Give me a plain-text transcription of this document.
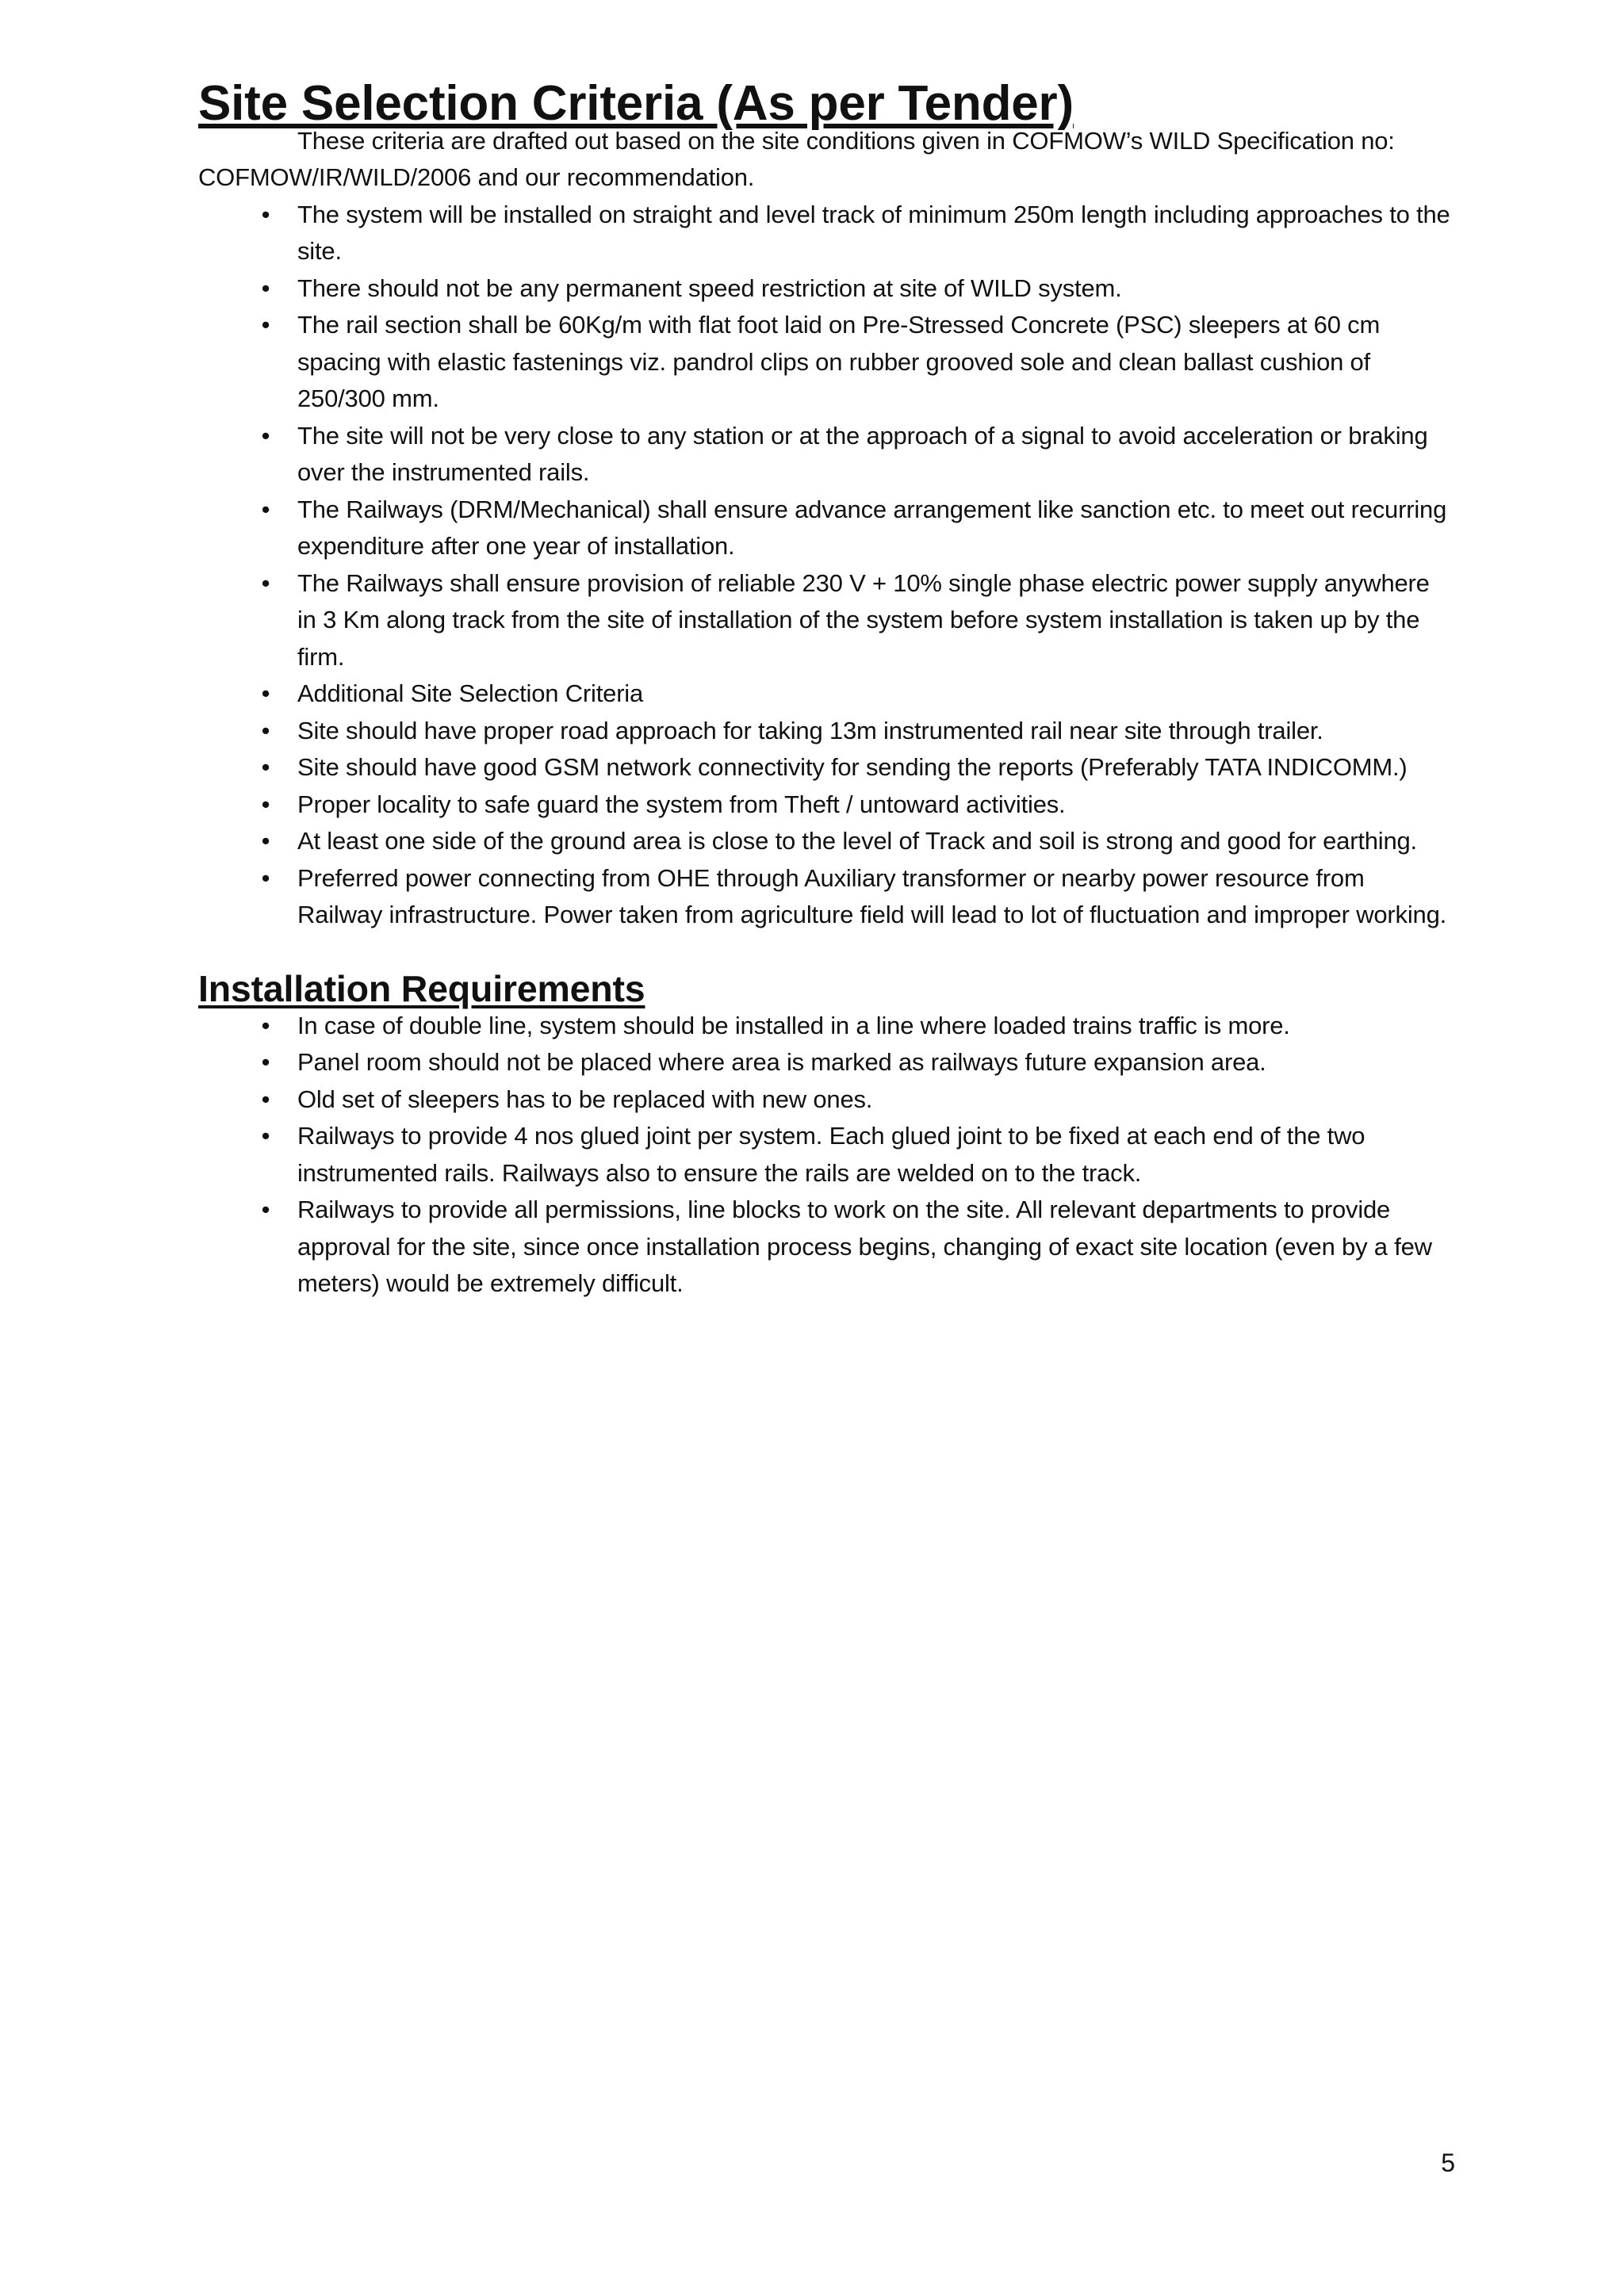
Site Selection Criteria (As per Tender)

These criteria are drafted out based on the site conditions given in COFMOW’s WILD Specification no: COFMOW/IR/WILD/2006 and our recommendation.

•	The system will be installed on straight and level track of minimum 250m length including approaches to the site.
•	There should not be any permanent speed restriction at site of WILD system.
•	The rail section shall be 60Kg/m with flat foot laid on Pre-Stressed Concrete (PSC) sleepers at 60 cm spacing with elastic fastenings viz. pandrol clips on rubber grooved sole and clean ballast cushion of 250/300 mm.
•	The site will not be very close to any station or at the approach of a signal to avoid acceleration or braking over the instrumented rails.
•	The Railways (DRM/Mechanical) shall ensure advance arrangement like sanction etc. to meet out recurring expenditure after one year of installation.
•	The Railways shall ensure provision of reliable 230 V + 10% single phase electric power supply anywhere in 3 Km along track from the site of installation of the system before system installation is taken up by the firm.
•	Additional Site Selection Criteria
•	Site should have proper road approach for taking 13m instrumented rail near site through trailer.
•	Site should have good GSM network connectivity for sending the reports (Preferably TATA INDICOMM.)
•	Proper locality to safe guard the system from Theft / untoward activities.
•	At least one side of the ground area is close to the level of Track and soil is strong and good for earthing.
•	Preferred power connecting from OHE through Auxiliary transformer or nearby power resource from Railway infrastructure. Power taken from agriculture field will lead to lot of fluctuation and improper working.
Installation Requirements
•	In case of double line, system should be installed in a line where loaded trains traffic is more.
•	Panel room should not be placed where area is marked as railways future expansion area.
•	Old set of sleepers has to be replaced with new ones.
•	Railways to provide 4 nos glued joint per system. Each glued joint to be fixed at each end of the two instrumented rails. Railways also to ensure the rails are welded on to the track.
•	Railways to provide all permissions, line blocks to work on the site. All relevant departments to provide approval for the site, since once installation process begins, changing of exact site location (even by a few meters) would be extremely difficult.
5
